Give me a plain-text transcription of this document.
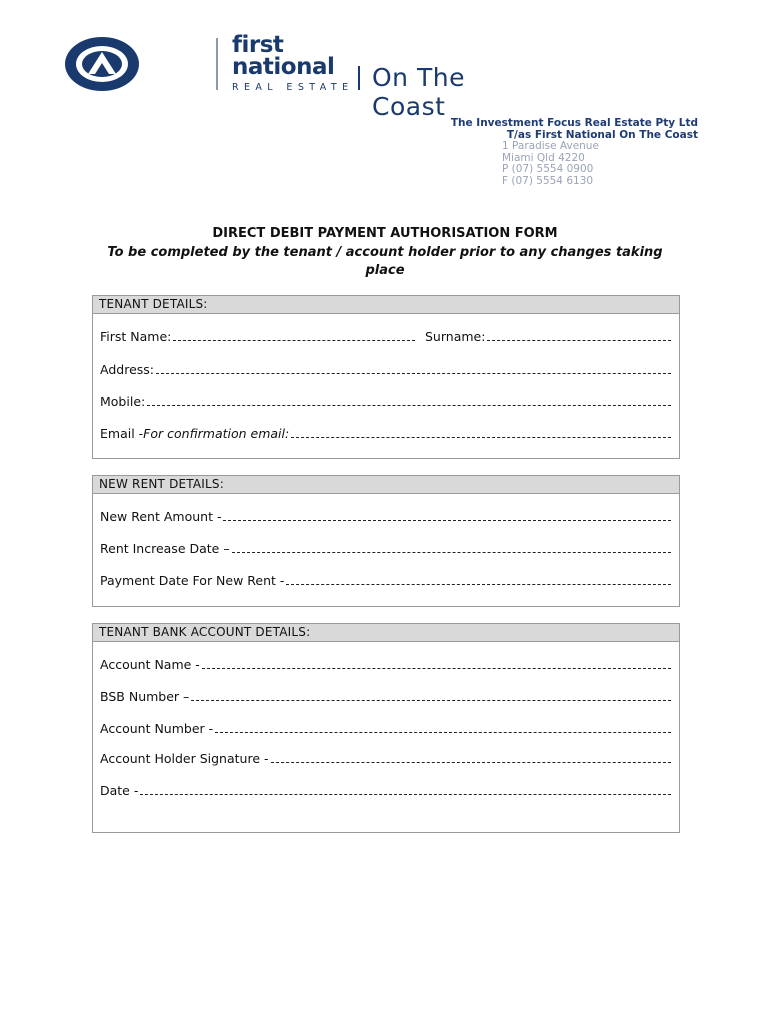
first
national
REAL ESTATE On The Coast
The Investment Focus Real Estate Pty Ltd
T/as First National On The Coast
1 Paradise Avenue
Miami Qld 4220
P (07) 5554 0900
F (07) 5554 6130
DIRECT DEBIT PAYMENT AUTHORISATION FORM
To be completed by the tenant / account holder prior to any changes taking place
TENANT DETAILS:
First Name:	Surname:
Address:
Mobile:
Email - For confirmation email:
NEW RENT DETAILS:
New Rent Amount -
Rent Increase Date –
Payment Date For New Rent -
TENANT BANK ACCOUNT DETAILS:
Account Name -
BSB Number –
Account Number -
Account Holder Signature -
Date -
